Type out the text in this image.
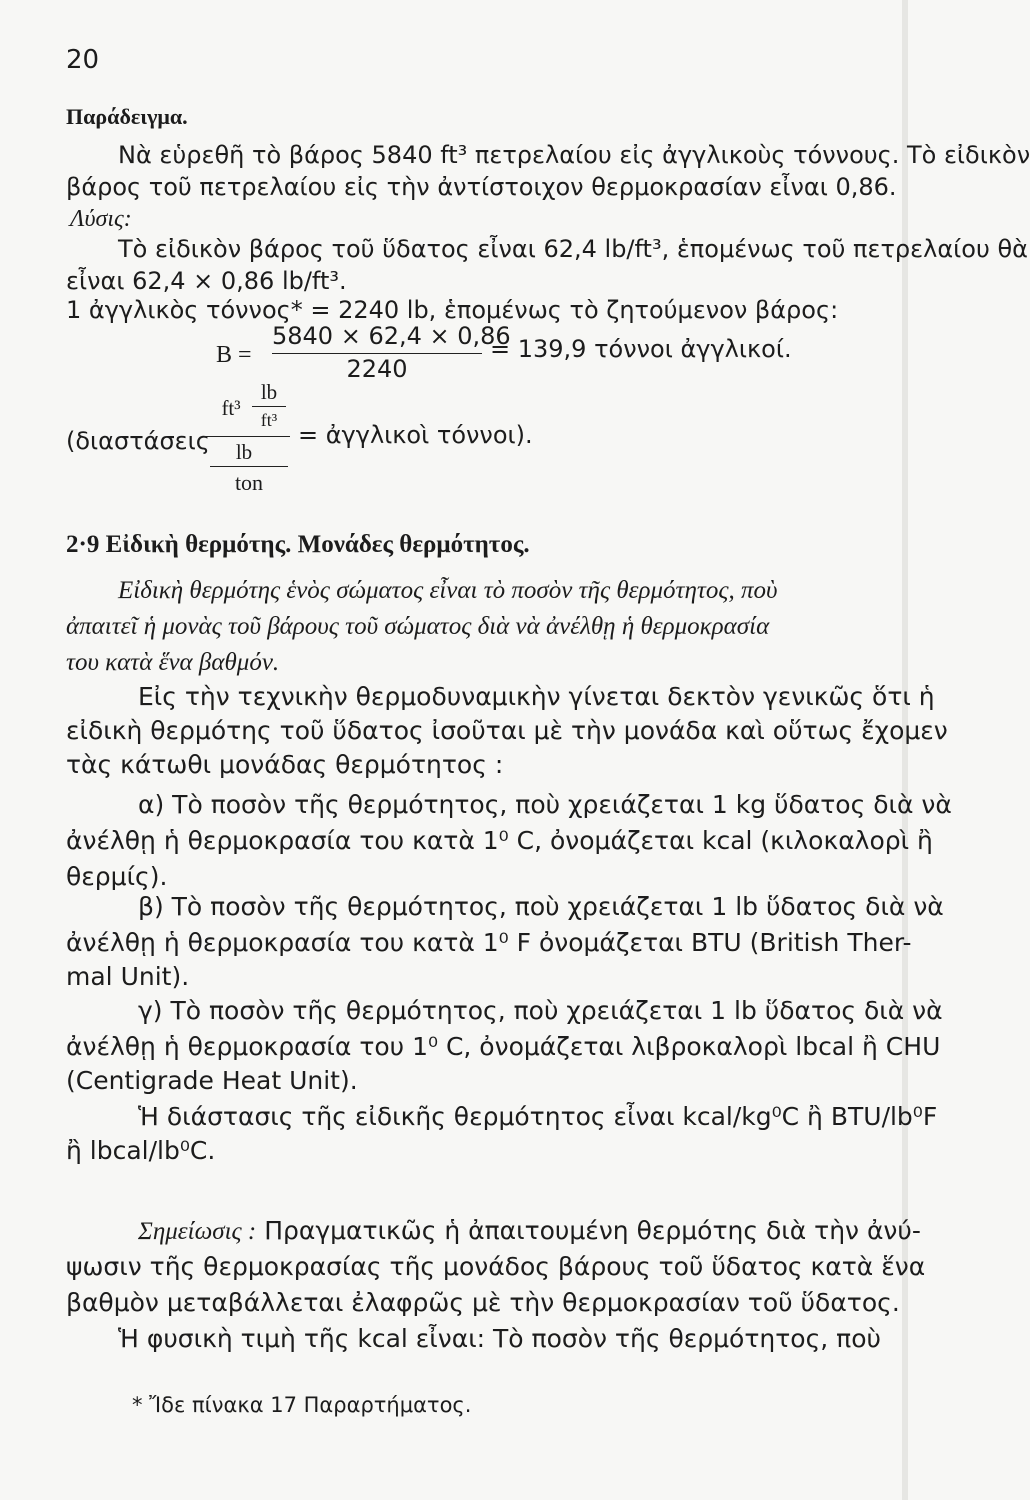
20
Παράδειγμα.
Νὰ εὑρεθῆ τὸ βάρος 5840 ft³ πετρελαίου εἰς ἀγγλικοὺς τόννους. Τὸ εἰδικὸν
βάρος τοῦ πετρελαίου εἰς τὴν ἀντίστοιχον θερμοκρασίαν εἶναι 0,86.
Λύσις:
Τὸ εἰδικὸν βάρος τοῦ ὕδατος εἶναι 62,4 lb/ft³, ἑπομένως τοῦ πετρελαίου θὰ
εἶναι 62,4 × 0,86 lb/ft³.
1 ἀγγλικὸς τόννος* = 2240 lb, ἑπομένως τὸ ζητούμενον βάρος:
B =
5840 × 62,4 × 0,86
2240
= 139,9 τόννοι ἀγγλικοί.
(διαστάσεις
lb
ft³	ft³
lb
ton
= ἀγγλικοὶ τόννοι).
2·9 Εἰδικὴ θερμότης. Μονάδες θερμότητος.
Εἰδικὴ θερμότης ἑνὸς σώματος εἶναι τὸ ποσὸν τῆς θερμότητος, ποὺ
ἀπαιτεῖ ἡ μονὰς τοῦ βάρους τοῦ σώματος διὰ νὰ ἀνέλθῃ ἡ θερμοκρασία
του κατὰ ἕνα βαθμόν.
Εἰς τὴν τεχνικὴν θερμοδυναμικὴν γίνεται δεκτὸν γενικῶς ὅτι ἡ
εἰδικὴ θερμότης τοῦ ὕδατος ἰσοῦται μὲ τὴν μονάδα καὶ οὕτως ἔχομεν
τὰς κάτωθι μονάδας θερμότητος :
α) Τὸ ποσὸν τῆς θερμότητος, ποὺ χρειάζεται 1 kg ὕδατος διὰ νὰ
ἀνέλθῃ ἡ θερμοκρασία του κατὰ 1⁰ C, ὀνομάζεται kcal (κιλοκαλορὶ ἢ
θερμίς).
β) Τὸ ποσὸν τῆς θερμότητος, ποὺ χρειάζεται 1 lb ὕδατος διὰ νὰ
ἀνέλθῃ ἡ θερμοκρασία του κατὰ 1⁰ F ὀνομάζεται BTU (British Ther-
mal Unit).
γ) Τὸ ποσὸν τῆς θερμότητος, ποὺ χρειάζεται 1 lb ὕδατος διὰ νὰ
ἀνέλθῃ ἡ θερμοκρασία του 1⁰ C, ὀνομάζεται λιβροκαλορὶ lbcal ἢ CHU
(Centigrade Heat Unit).
Ἡ διάστασις τῆς εἰδικῆς θερμότητος εἶναι kcal/kg⁰C ἢ BTU/lb⁰F
ἢ lbcal/lb⁰C.
Σημείωσις : Πραγματικῶς ἡ ἀπαιτουμένη θερμότης διὰ τὴν ἀνύ-
ψωσιν τῆς θερμοκρασίας τῆς μονάδος βάρους τοῦ ὕδατος κατὰ ἕνα
βαθμὸν μεταβάλλεται ἐλαφρῶς μὲ τὴν θερμοκρασίαν τοῦ ὕδατος.
Ἡ φυσικὴ τιμὴ τῆς kcal εἶναι: Τὸ ποσὸν τῆς θερμότητος, ποὺ
* Ἴδε πίνακα 17 Παραρτήματος.
